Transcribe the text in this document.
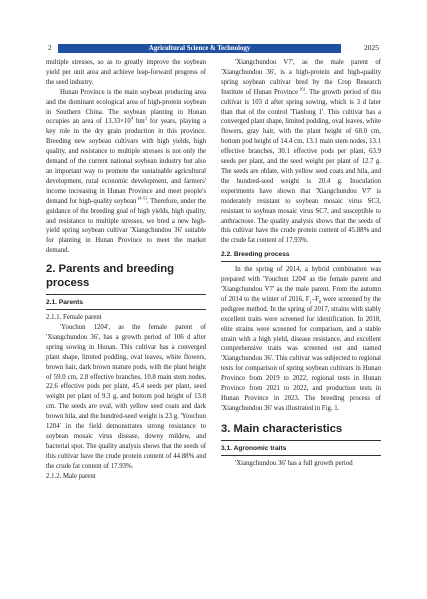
2	Agricultural Science & Technology	2025

multiple stresses, so as to greatly improve the soybean yield per unit area and achieve leap-forward progress of the seed industry.

Hunan Province is the main soybean producing area and the dominant ecological area of high-protein soybean in Southern China. The soybean planting in Hunan occupies an area of $13.33\times 10^4$ $hm^2$ for years, playing a key role in the dry grain production in this province. Breeding new soybean cultivars with high yields, high quality, and resistance to multiple stresses is not only the demand of the current national soybean industry but also an important way to promote the sustainable agricultural development, rural economic development, and farmers' income increasing in Hunan Province and meet people's demand for high-quality soybean [4-5]. Therefore, under the guidance of the breeding goal of high yields, high quality, and resistance to multiple stresses, we bred a new high-yield spring soybean cultivar 'Xiangchundou 36' suitable for planting in Hunan Province to meet the market demand.

2. Parents and breeding process
2.1. Parents

2.1.1. Female parent

'Youchun 1204', as the female parent of 'Xiangchundou 36', has a growth period of 106 d after spring sowing in Hunan. This cultivar has a converged plant shape, limited podding, oval leaves, white flowers, brown hair, dark brown mature pods, with the plant height of 59.0 cm, 2.8 effective branches, 10.8 main stem nodes, 22.6 effective pods per plant, 45.4 seeds per plant, seed weight per plant of 9.3 g, and bottom pod height of 13.8 cm. The seeds are oval, with yellow seed coats and dark brown hila, and the hundred-seed weight is 23 g. 'Youchun 1204' in the field demonstrates strong resistance to soybean mosaic virus disease, downy mildew, and bacterial spot. The quality analysis shows that the seeds of this cultivar have the crude protein content of 44.88% and the crude fat content of 17.93%.

2.1.2. Male parent

'Xiangchundou V7', as the male parent of 'Xiangchundou 36', is a high-protein and high-quality spring soybean cultivar bred by the Crop Research Institute of Hunan Province [6]. The growth period of this cultivar is 103 d after spring sowing, which is 3 d later than that of the control 'Tianlong 1'. This cultivar has a converged plant shape, limited podding, oval leaves, white flowers, gray hair, with the plant height of 68.0 cm, bottom pod height of 14.4 cm, 13.1 main stem nodes, 13.1 effective branches, 30.1 effective pods per plant, 63.9 seeds per plant, and the seed weight per plant of 12.7 g. The seeds are oblate, with yellow seed coats and hila, and the hundred-seed weight is 20.4 g. Inoculation experiments have shown that 'Xiangchundou V7' is moderately resistant to soybean mosaic virus SC3, resistant to soybean mosaic virus SC7, and susceptible to anthracnose. The quality analysis shows that the seeds of this cultivar have the crude protein content of 45.88% and the crude fat content of 17.93%.

2.2. Breeding process

In the spring of 2014, a hybrid combination was prepared with 'Youchun 1204' as the female parent and 'Xiangchundou V7' as the male parent. From the autumn of 2014 to the winter of 2016, $F_1-F_8$ were screened by the pedigree method. In the spring of 2017, strains with stably excellent traits were screened for identification. In 2018, elite strains were screened for comparison, and a stable strain with a high yield, disease resistance, and excellent comprehensive traits was screened out and named 'Xiangchundou 36'. This cultivar was subjected to regional tests for comparison of spring soybean cultivars in Hunan Province from 2019 to 2022, regional tests in Hunan Province from 2021 to 2022, and production tests in Hunan Province in 2023. The breeding process of 'Xiangchundou 36' was illustrated in Fig. 1.

3. Main characteristics
3.1. Agronomic traits

'Xiangchundou 36' has a full growth period
